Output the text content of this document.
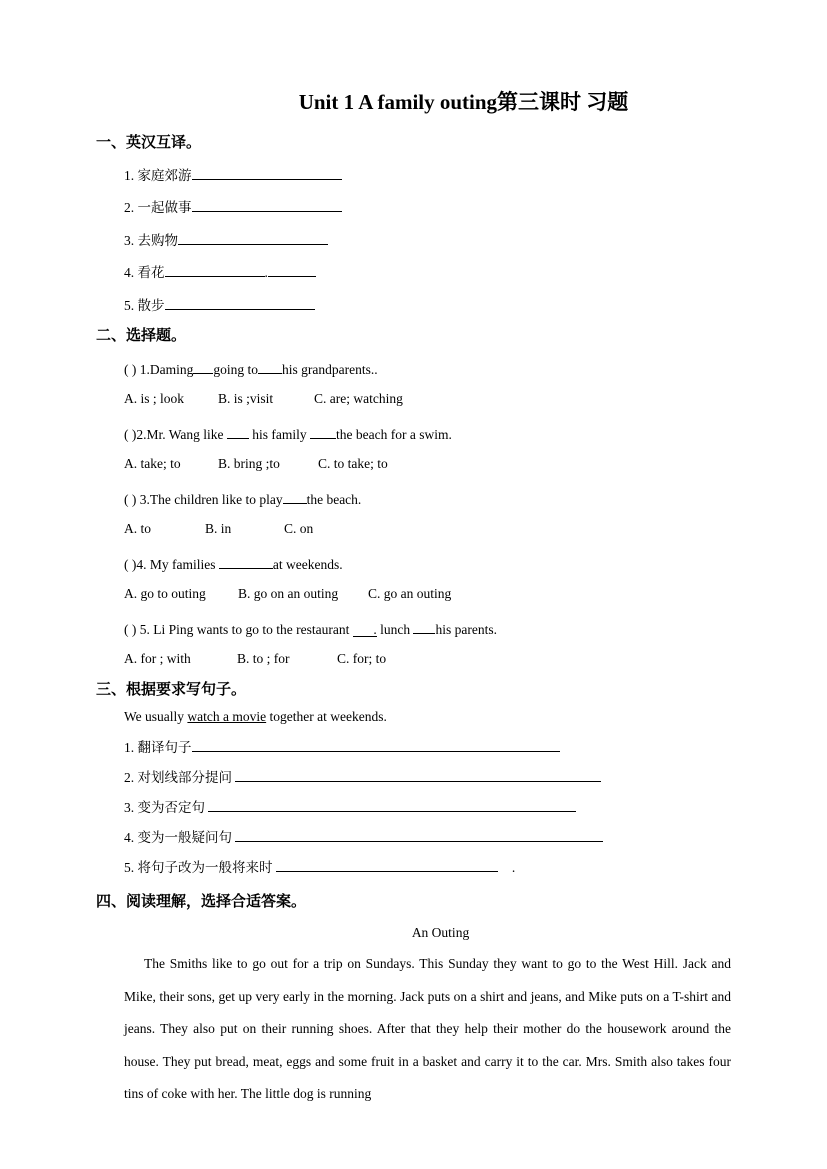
Unit 1 A family outing第三课时 习题
一、英汉互译。
1. 家庭郊游
2. 一起做事
3. 去购物
4. 看花	.
5. 散步
二、选择题。
( ) 1.Daming going to his grandparents..
A. is ; look	B. is ;visit	C. are; watching
( )2.Mr. Wang like his family the beach for a swim.
A. take; to	B. bring ;to	C. to take; to
( ) 3.The children like to play the beach.
A. to	B. in	C. on
( )4. My families	at weekends.
A. go to outing B. go on an outing C. go an outing
( ) 5. Li Ping wants to go to the restaurant . lunch his parents.
A. for ; with	B. to ; for	C. for; to
三、根据要求写句子。
We usually watch a movie together at weekends.
1. 翻译句子
2. 对划线部分提问
3. 变为否定句
4. 变为一般疑问句
5. 将句子改为一般将来时	.
四、阅读理解，选择合适答案。
An Outing

The Smiths like to go out for a trip on Sundays. This Sunday they want to go to the West Hill. Jack and Mike, their sons, get up very early in the morning. Jack puts on a shirt and jeans, and Mike puts on a T-shirt and jeans. They also put on their running shoes. After that they help their mother do the housework around the house. They put bread, meat, eggs and some fruit in a basket and carry it to the car. Mrs. Smith also takes four tins of coke with her. The little dog is running
